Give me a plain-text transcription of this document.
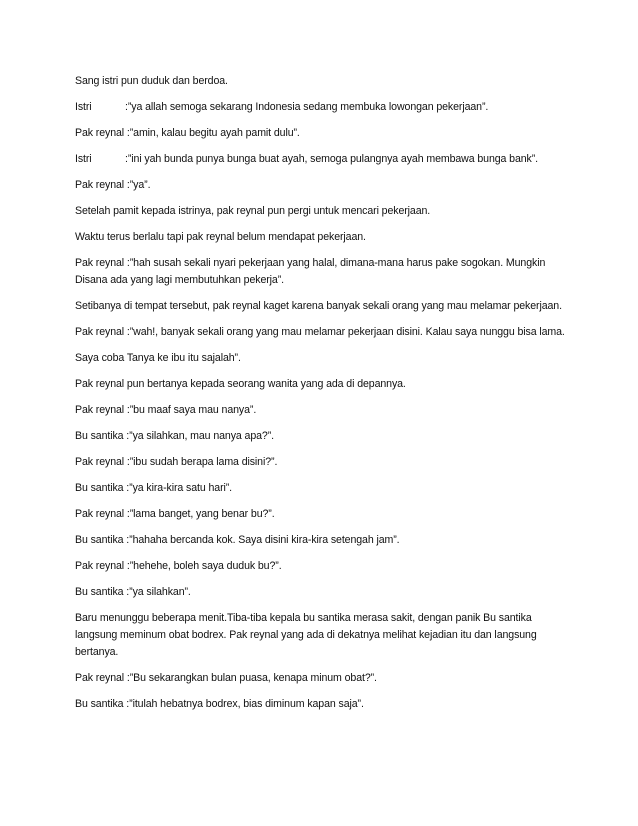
Sang istri pun duduk dan berdoa.

Istri	:”ya allah semoga sekarang Indonesia sedang membuka lowongan pekerjaan”.

Pak reynal :”amin, kalau begitu ayah pamit dulu”.

Istri	:”ini yah bunda punya bunga buat ayah, semoga pulangnya ayah membawa bunga bank”.

Pak reynal :”ya”.

Setelah pamit kepada istrinya, pak reynal pun pergi untuk mencari pekerjaan.

Waktu terus berlalu tapi pak reynal belum mendapat pekerjaan.

Pak reynal :”hah susah sekali nyari pekerjaan yang halal, dimana-mana harus pake sogokan. Mungkin Disana ada yang lagi membutuhkan pekerja”.

Setibanya di tempat tersebut, pak reynal kaget karena banyak sekali orang yang mau melamar pekerjaan.

Pak reynal :”wah!, banyak sekali orang yang mau melamar pekerjaan disini. Kalau saya nunggu bisa lama.

Saya coba Tanya ke ibu itu sajalah”.

Pak reynal pun bertanya kepada seorang wanita yang ada di depannya.

Pak reynal :”bu maaf saya mau nanya”.

Bu santika :”ya silahkan, mau nanya apa?”.

Pak reynal :”ibu sudah berapa lama disini?”.

Bu santika :”ya kira-kira satu hari”.

Pak reynal :”lama banget, yang benar bu?”.

Bu santika :”hahaha bercanda kok. Saya disini kira-kira setengah jam”.

Pak reynal :”hehehe, boleh saya duduk bu?”.

Bu santika :”ya silahkan”.

Baru menunggu beberapa menit.Tiba-tiba kepala bu santika merasa sakit, dengan panik Bu santika langsung meminum obat bodrex. Pak reynal yang ada di dekatnya melihat kejadian itu dan langsung bertanya.

Pak reynal :”Bu sekarangkan bulan puasa, kenapa minum obat?”.

Bu santika :”itulah hebatnya bodrex, bias diminum kapan saja”.
